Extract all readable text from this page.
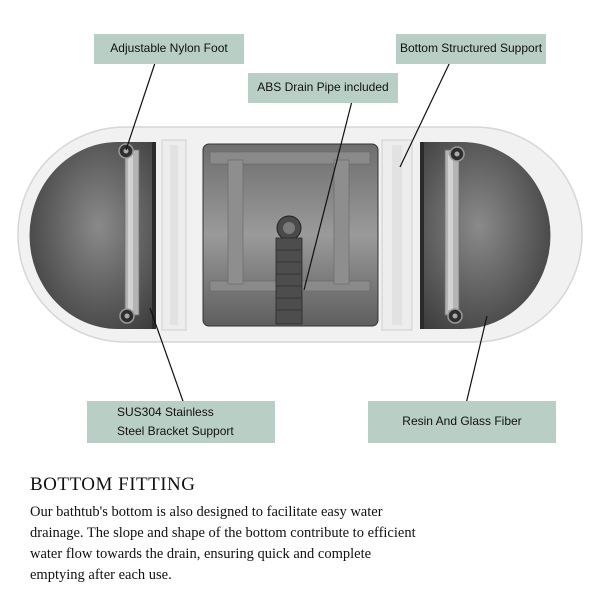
Adjustable Nylon Foot	Bottom Structured Support
ABS Drain Pipe included
SUS304 Stainless
Steel Bracket Support
Resin And Glass Fiber
BOTTOM FITTING

Our bathtub's bottom is also designed to facilitate easy water drainage. The slope and shape of the bottom contribute to efficient water flow towards the drain, ensuring quick and complete emptying after each use.
